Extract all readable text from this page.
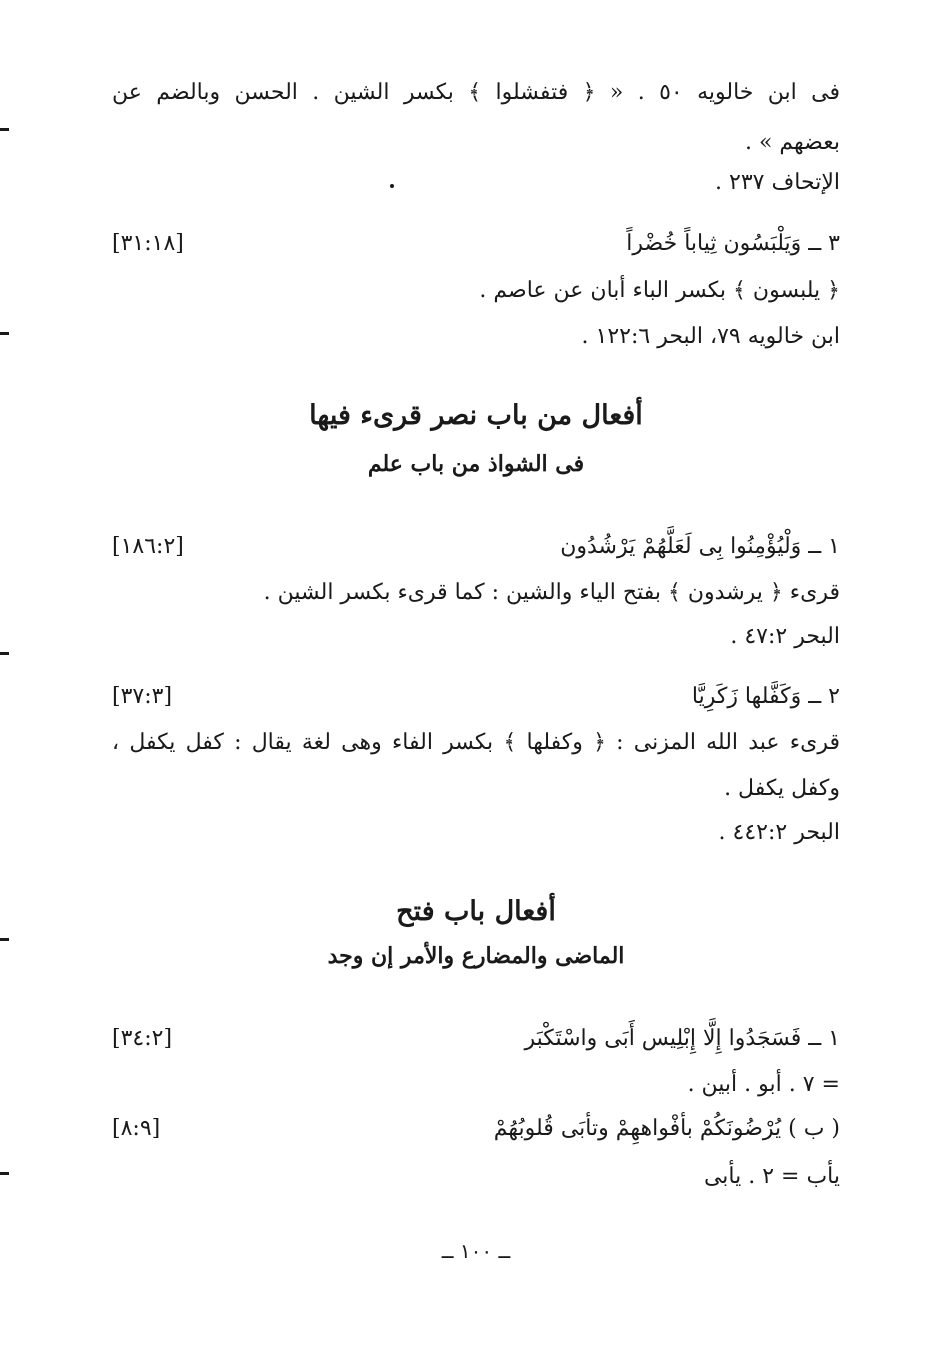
فى ابن خالويه ٥٠ . « ﴿ فتفشلوا ﴾ بكسر الشين . الحسن وبالضم عن
بعضهم » .
الإتحاف ٢٣٧ .
٣ ــ وَيَلْبَسُون ثِياباً خُضْراً
[٣١:١٨]
﴿ يلبسون ﴾ بكسر الباء أبان عن عاصم .
ابن خالويه ٧٩، البحر ١٢٢:٦ .
أفعال من باب نصر قرىء فيها
فى الشواذ من باب علم
١ ــ وَلْيُؤْمِنُوا بِى لَعَلَّهُمْ يَرْشُدُون
[١٨٦:٢]
قرىء ﴿ يرشدون ﴾ بفتح الياء والشين : كما قرىء بكسر الشين .
البحر ٤٧:٢ .
٢ ــ وَكَفَّلها زَكَرِيَّا
[٣٧:٣]
قرىء عبد الله المزنى : ﴿ وكفلها ﴾ بكسر الفاء وهى لغة يقال : كفل يكفل ،
وكفل يكفل .
البحر ٤٤٢:٢ .
أفعال باب فتح
الماضى والمضارع والأمر إن وجد
١ ــ فَسَجَدُوا إِلَّا إِبْلِيس أَبَى واسْتَكْبَر
[٣٤:٢]
= ٧ . أبو . أبين .
( ب ) يُرْضُونَكُمْ بأفْواههِمْ وتأبَى قُلوبُهُمْ
[٨:٩]
يأب = ٢ . يأبى
ــ ١٠٠ ــ
